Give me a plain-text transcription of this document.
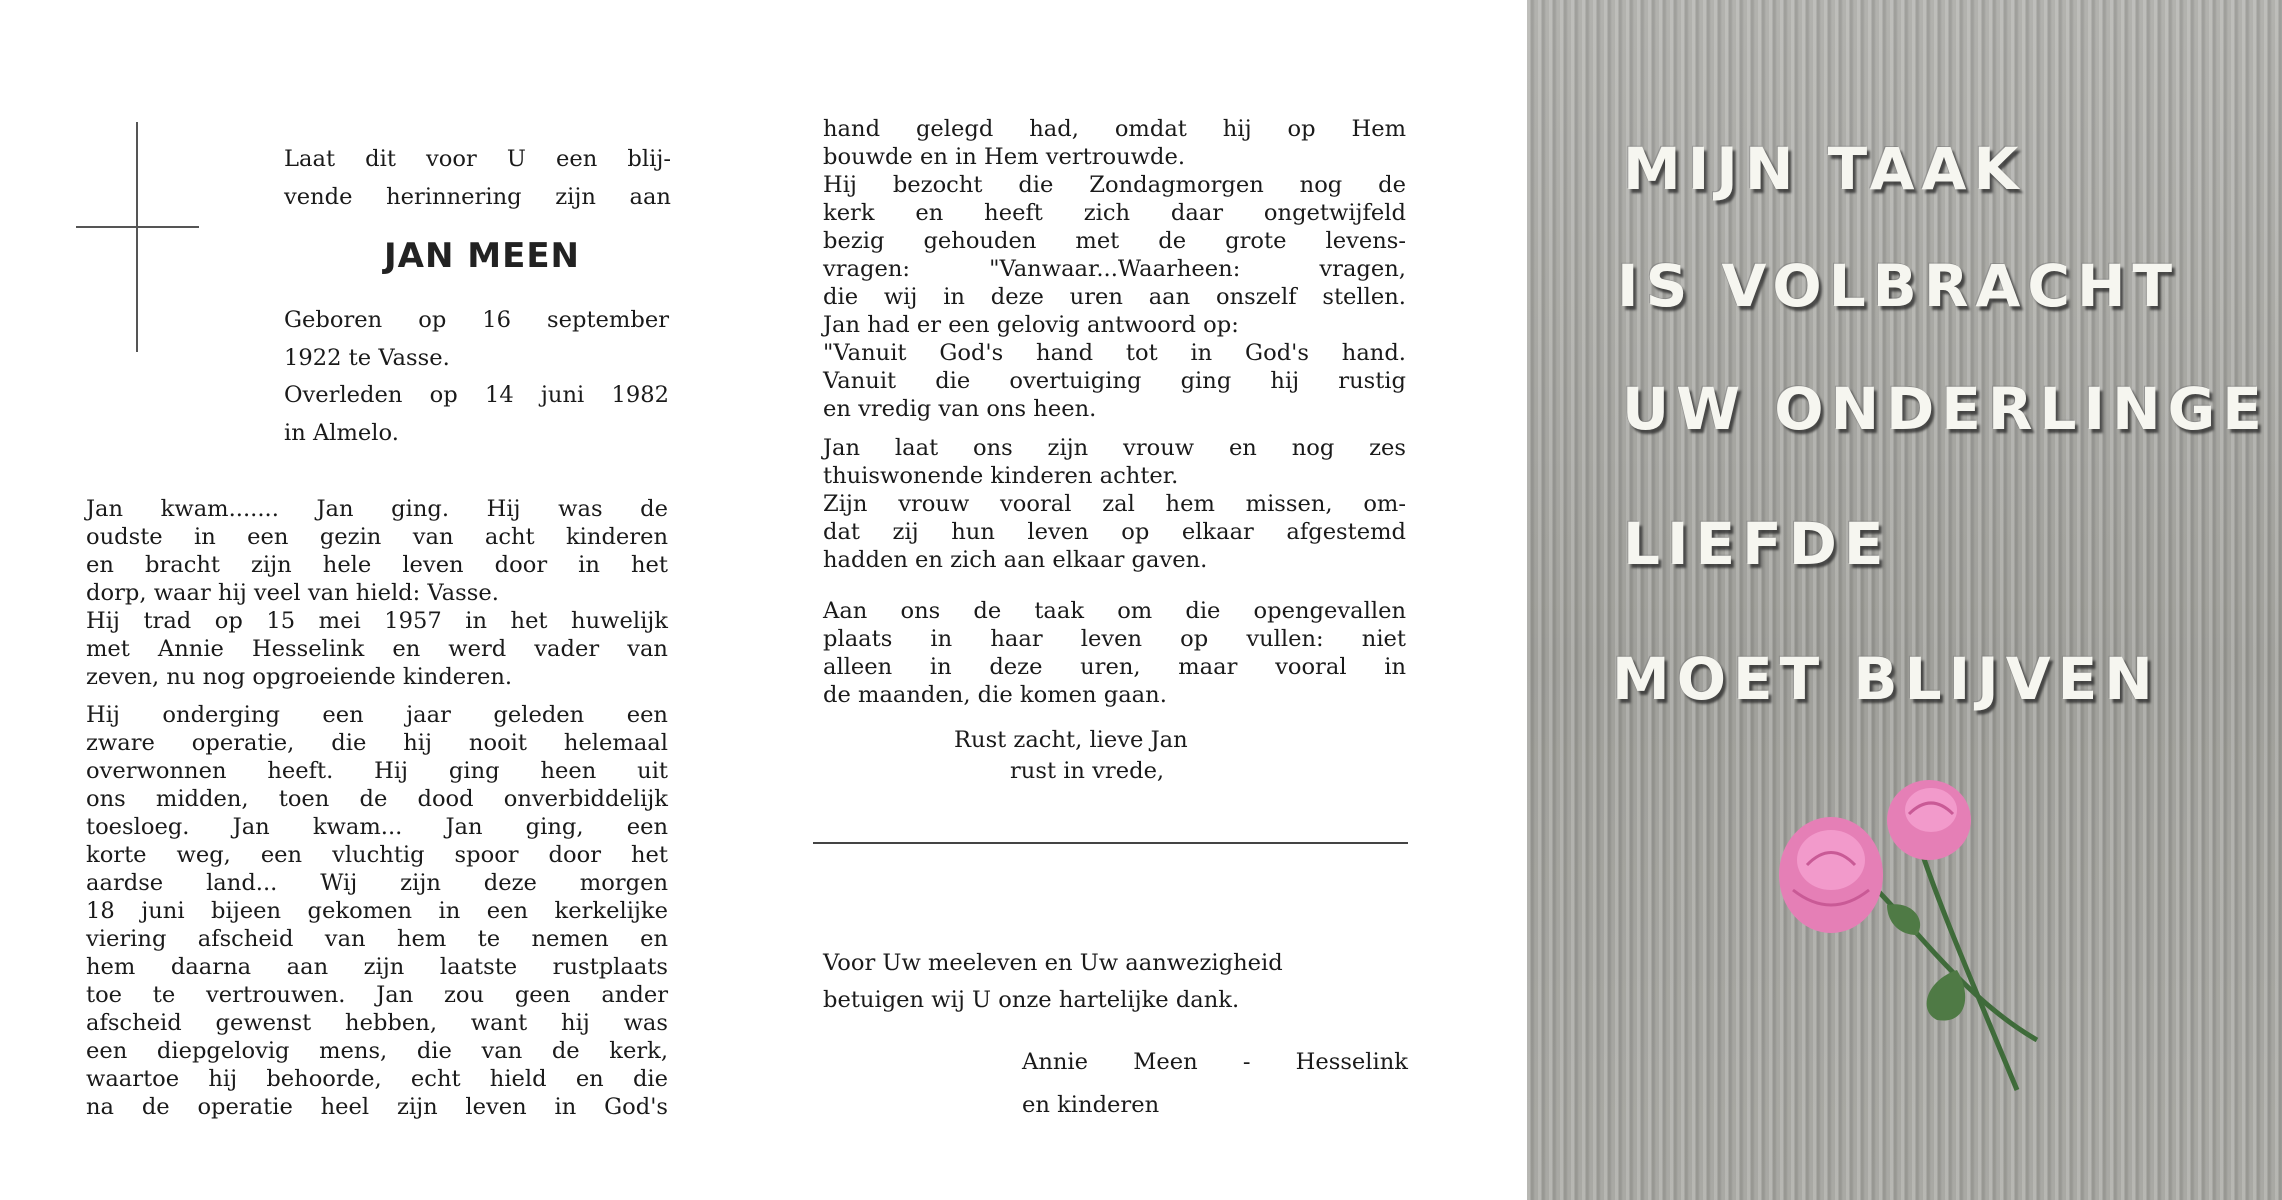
Laat dit voor U een blij-
vende herinnering zijn aan
JAN MEEN
Geboren op 16 september
1922 te Vasse.
Overleden op 14 juni 1982
in Almelo.
Jan kwam....... Jan ging. Hij was de
oudste in een gezin van acht kinderen
en bracht zijn hele leven door in het
dorp, waar hij veel van hield: Vasse.
Hij trad op 15 mei 1957 in het huwelijk
met Annie Hesselink en werd vader van
zeven, nu nog opgroeiende kinderen.
Hij onderging een jaar geleden een
zware operatie, die hij nooit helemaal
overwonnen heeft. Hij ging heen uit
ons midden, toen de dood onverbiddelijk
toesloeg. Jan kwam... Jan ging, een
korte weg, een vluchtig spoor door het
aardse land... Wij zijn deze morgen
18 juni bijeen gekomen in een kerkelijke
viering afscheid van hem te nemen en
hem daarna aan zijn laatste rustplaats
toe te vertrouwen. Jan zou geen ander
afscheid gewenst hebben, want hij was
een diepgelovig mens, die van de kerk,
waartoe hij behoorde, echt hield en die
na de operatie heel zijn leven in God's
hand gelegd had, omdat hij op Hem
bouwde en in Hem vertrouwde.
Hij bezocht die Zondagmorgen nog de
kerk en heeft zich daar ongetwijfeld
bezig gehouden met de grote levens-
vragen: "Vanwaar...Waarheen: vragen,
die wij in deze uren aan onszelf stellen.
Jan had er een gelovig antwoord op:
"Vanuit God's hand tot in God's hand.
Vanuit die overtuiging ging hij rustig
en vredig van ons heen.
Jan laat ons zijn vrouw en nog zes
thuiswonende kinderen achter.
Zijn vrouw vooral zal hem missen, om-
dat zij hun leven op elkaar afgestemd
hadden en zich aan elkaar gaven.
Aan ons de taak om die opengevallen
plaats in haar leven op vullen: niet
alleen in deze uren, maar vooral in
de maanden, die komen gaan.
Rust zacht, lieve Jan
rust in vrede,
Voor Uw meeleven en Uw aanwezigheid
betuigen wij U onze hartelijke dank.
Annie Meen - Hesselink
en kinderen
MIJN TAAK
IS VOLBRACHT
UW ONDERLINGE
LIEFDE
MOET BLIJVEN
